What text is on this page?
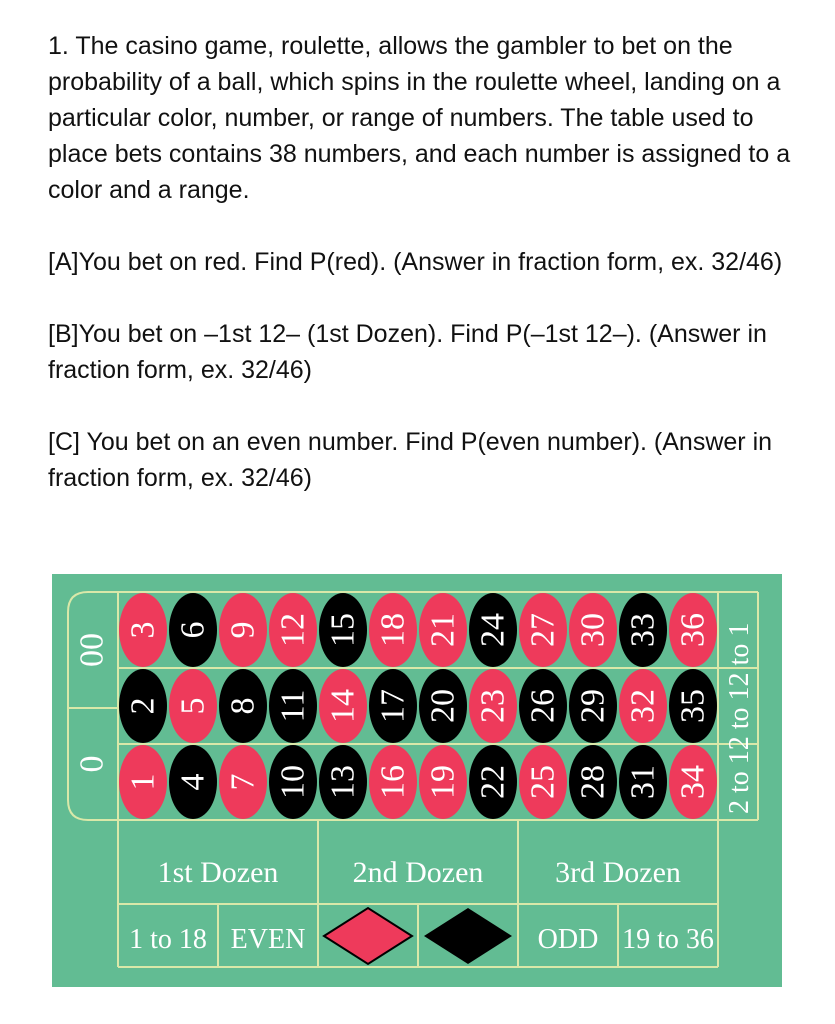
1. The casino game, roulette, allows the gambler to bet on the probability of a ball, which spins in the roulette wheel, landing on a particular color, number, or range of numbers. The table used to place bets contains 38 numbers, and each number is assigned to a color and a range.

[A]You bet on red. Find P(red). (Answer in fraction form, ex. 32/46)

[B]You bet on –1st 12– (1st Dozen). Find P(–1st 12–). (Answer in fraction form, ex. 32/46)

[C] You bet on an even number. Find P(even number). (Answer in fraction form, ex. 32/46)

3 6 9 12 15 18 21 24 27 30 33 36
2 5 8 11 14 17 20 23 26 29 32 35
1 4 7 10 13 16 19 22 25 28 31 34
00
0	2 to 12 to 12 to 1
1st Dozen 2nd Dozen 3rd Dozen
1 to 18 EVEN	ODD 19 to 36
